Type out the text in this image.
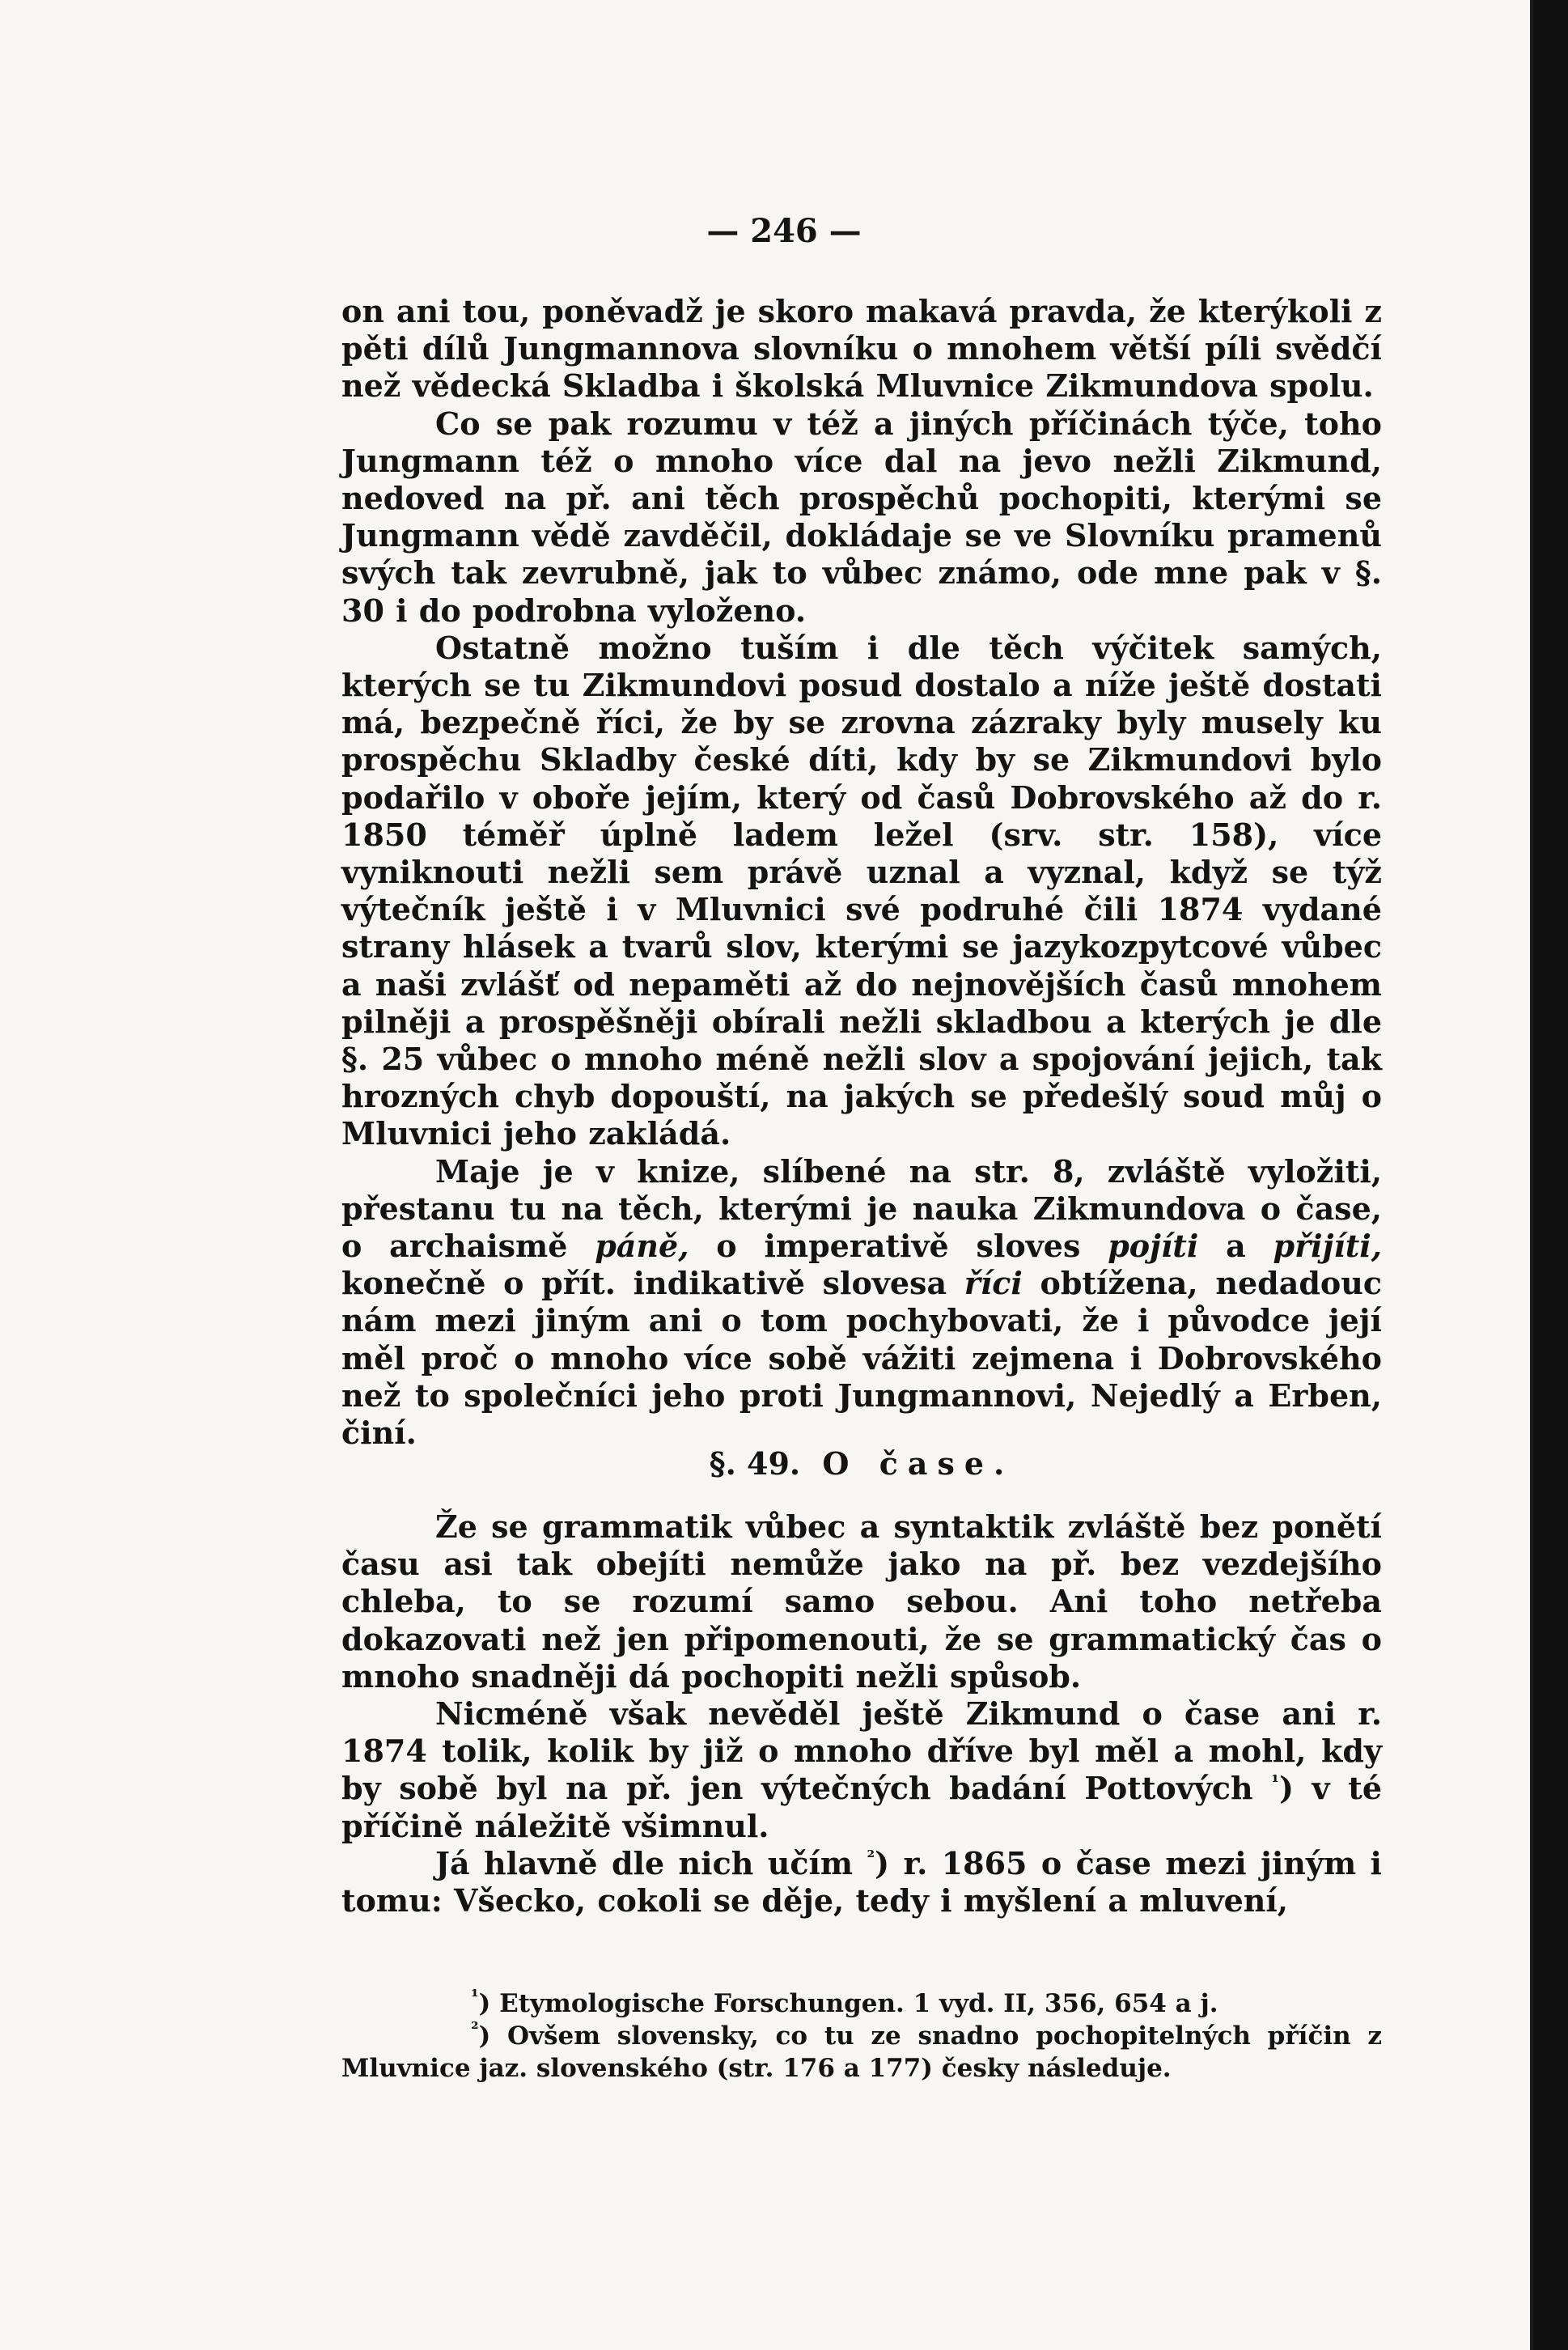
— 246 —

on ani tou, poněvadž je skoro makavá pravda, že kterýkoli z pěti dílů Jungmannova slovníku o mnohem větší píli svědčí než vědecká Skladba i školská Mluvnice Zikmundova spolu.

Co se pak rozumu v též a jiných příčinách týče, toho Jungmann též o mnoho více dal na jevo nežli Zikmund, nedoved na př. ani těch prospěchů pochopiti, kterými se Jungmann vědě zavděčil, dokládaje se ve Slovníku pramenů svých tak zevrubně, jak to vůbec známo, ode mne pak v §. 30 i do podrobna vyloženo.

Ostatně možno tuším i dle těch výčitek samých, kterých se tu Zikmundovi posud dostalo a níže ještě dostati má, bezpečně říci, že by se zrovna zázraky byly musely ku prospěchu Skladby české díti, kdy by se Zikmundovi bylo podařilo v oboře jejím, který od časů Dobrovského až do r. 1850 téměř úplně ladem ležel (srv. str. 158), více vyniknouti nežli sem právě uznal a vyznal, když se týž výtečník ještě i v Mluvnici své podruhé čili 1874 vydané strany hlásek a tvarů slov, kterými se jazykozpytcové vůbec a naši zvlášť od nepaměti až do nejnovějších časů mnohem pilněji a prospěšněji obírali nežli skladbou a kterých je dle §. 25 vůbec o mnoho méně nežli slov a spojování jejich, tak hrozných chyb dopouští, na jakých se předešlý soud můj o Mluvnici jeho zakládá.

Maje je v knize, slíbené na str. 8, zvláště vyložiti, přestanu tu na těch, kterými je nauka Zikmundova o čase, o archaismě páně, o imperativě sloves pojíti a přijíti, konečně o přít. indikativě slovesa říci obtížena, nedadouc nám mezi jiným ani o tom pochybovati, že i původce její měl proč o mnoho více sobě vážiti zejmena i Dobrovského než to společníci jeho proti Jungmannovi, Nejedlý a Erben, činí.

§. 49. O čase.

Že se grammatik vůbec a syntaktik zvláště bez ponětí času asi tak obejíti nemůže jako na př. bez vezdejšího chleba, to se rozumí samo sebou. Ani toho netřeba dokazovati než jen připomenouti, že se grammatický čas o mnoho snadněji dá pochopiti nežli spůsob.

Nicméně však nevěděl ještě Zikmund o čase ani r. 1874 tolik, kolik by již o mnoho dříve byl měl a mohl, kdy by sobě byl na př. jen výtečných badání Pottových $^{^1}$) v té příčině náležitě všimnul.

Já hlavně dle nich učím $^{^2}$) r. 1865 o čase mezi jiným i tomu: Všecko, cokoli se děje, tedy i myšlení a mluvení,

$^{^1}$) Etymologische Forschungen. 1 vyd. II, 356, 654 a j.

$^{^2}$) Ovšem slovensky, co tu ze snadno pochopitelných příčin z Mluvnice jaz. slovenského (str. 176 a 177) česky následuje.
